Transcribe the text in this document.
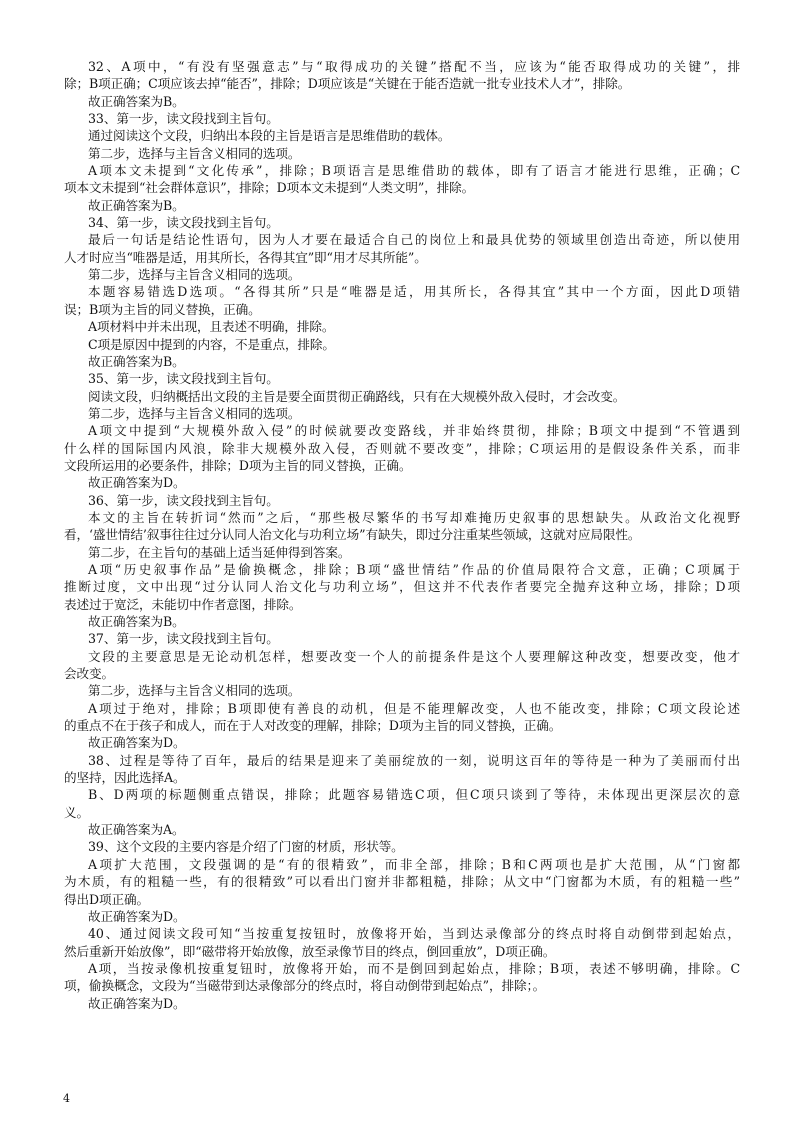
32、A项中，“有没有坚强意志”与“取得成功的关键”搭配不当，应该为“能否取得成功的关键”，排
除；B项正确；C项应该去掉“能否”，排除；D项应该是“关键在于能否造就一批专业技术人才”，排除。
故正确答案为B。
33、第一步，读文段找到主旨句。
通过阅读这个文段，归纳出本段的主旨是语言是思维借助的载体。
第二步，选择与主旨含义相同的选项。
A项本文未提到“文化传承”，排除；B项语言是思维借助的载体，即有了语言才能进行思维，正确；C
项本文未提到“社会群体意识”，排除；D项本文未提到“人类文明”，排除。
故正确答案为B。
34、第一步，读文段找到主旨句。
最后一句话是结论性语句，因为人才要在最适合自己的岗位上和最具优势的领域里创造出奇迹，所以使用
人才时应当“唯器是适，用其所长，各得其宜”即“用才尽其所能”。
第二步，选择与主旨含义相同的选项。
本题容易错选D选项。“各得其所”只是“唯器是适，用其所长，各得其宜”其中一个方面，因此D项错
误；B项为主旨的同义替换，正确。
A项材料中并未出现，且表述不明确，排除。
C项是原因中提到的内容，不是重点，排除。
故正确答案为B。
35、第一步，读文段找到主旨句。
阅读文段，归纳概括出文段的主旨是要全面贯彻正确路线，只有在大规模外敌入侵时，才会改变。
第二步，选择与主旨含义相同的选项。
A项文中提到“大规模外敌入侵”的时候就要改变路线，并非始终贯彻，排除；B项文中提到“不管遇到
什么样的国际国内风浪，除非大规模外敌入侵，否则就不要改变”，排除；C项运用的是假设条件关系，而非
文段所运用的必要条件，排除；D项为主旨的同义替换，正确。
故正确答案为D。
36、第一步，读文段找到主旨句。
本文的主旨在转折词“然而”之后，“那些极尽繁华的书写却难掩历史叙事的思想缺失。从政治文化视野
看，‘盛世情结’叙事往往过分认同人治文化与功利立场”有缺失，即过分注重某些领域，这就对应局限性。
第二步，在主旨句的基础上适当延伸得到答案。
A项“历史叙事作品”是偷换概念，排除；B项“盛世情结”作品的价值局限符合文意，正确；C项属于
推断过度，文中出现“过分认同人治文化与功利立场”，但这并不代表作者要完全抛弃这种立场，排除；D项
表述过于宽泛，未能切中作者意图，排除。
故正确答案为B。
37、第一步，读文段找到主旨句。
文段的主要意思是无论动机怎样，想要改变一个人的前提条件是这个人要理解这种改变，想要改变，他才
会改变。
第二步，选择与主旨含义相同的选项。
A项过于绝对，排除；B项即使有善良的动机，但是不能理解改变，人也不能改变，排除；C项文段论述
的重点不在于孩子和成人，而在于人对改变的理解，排除；D项为主旨的同义替换，正确。
故正确答案为D。
38、过程是等待了百年，最后的结果是迎来了美丽绽放的一刻，说明这百年的等待是一种为了美丽而付出
的坚持，因此选择A。
B、D两项的标题侧重点错误，排除；此题容易错选C项，但C项只谈到了等待，未体现出更深层次的意
义。
故正确答案为A。
39、这个文段的主要内容是介绍了门窗的材质，形状等。
A项扩大范围，文段强调的是“有的很精致”，而非全部，排除；B和C两项也是扩大范围，从“门窗都
为木质，有的粗糙一些，有的很精致”可以看出门窗并非都粗糙，排除；从文中“门窗都为木质，有的粗糙一些”
得出D项正确。
故正确答案为D。
40、通过阅读文段可知“当按重复按钮时，放像将开始，当到达录像部分的终点时将自动倒带到起始点，
然后重新开始放像”，即“磁带将开始放像，放至录像节目的终点，倒回重放”，D项正确。
A项，当按录像机按重复钮时，放像将开始，而不是倒回到起始点，排除；B项，表述不够明确，排除。C
项，偷换概念，文段为“当磁带到达录像部分的终点时，将自动倒带到起始点”，排除；。
故正确答案为D。
4
